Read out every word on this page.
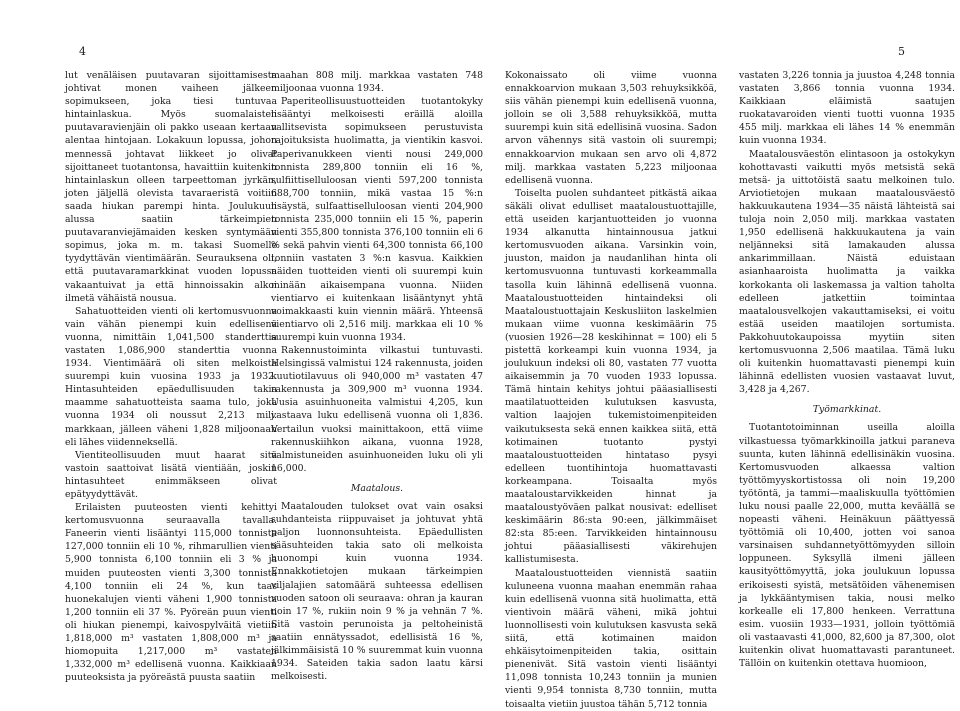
4	5

lut venäläisen puutavaran sijoittamisesta johtivat monen vaiheen jälkeen sopimukseen, joka tiesi tuntuvaa hintainlaskua. Myös suomalaisten puutavaravienjäin oli pakko useaan kertaan alentaa hintojaan. Lokakuun lopussa, johon mennessä johtavat liikkeet jo olivat sijoittaneet tuotantonsa, havaittiin kuitenkin hintainlaskun olleen tarpeettoman jyrkän, joten jäljellä olevista tavaraeristä voitiin saada hiukan parempi hinta. Joulukuun alussa saatiin tärkeimpien puutavaranviejämaiden kesken syntymään sopimus, joka m. m. takasi Suomelle tyydyttävän vientimäärän. Seurauksena oli, että puutavaramarkkinat vuoden lopussa vakaantuivat ja että hinnoissakin alkoi ilmetä vähäistä nousua.

Sahatuotteiden vienti oli kertomusvuonna vain vähän pienempi kuin edellisenä vuonna, nimittäin 1,041,500 standerttia vastaten 1,086,900 standerttia vuonna 1934. Vientimäärä oli siten melkoista suurempi kuin vuosina 1933 ja 1932. Hintasuhteiden epäedullisuuden takia maamme sahatuotteista saama tulo, joka vuonna 1934 oli noussut 2,213 milj. markkaan, jälleen väheni 1,828 miljoonaan eli lähes viidenneksellä.

Vientiteollisuuden muut haarat sitä vastoin saattoivat lisätä vientiään, joskin hintasuhteet enimmäkseen olivat epätyydyttävät.

Erilaisten puuteosten vienti kehittyi kertomusvuonna seuraavalla tavalla. Faneerin vienti lisääntyi 115,000 tonnista 127,000 tonniin eli 10 %, rihmarullien vienti 5,900 tonnista 6,100 tonniin eli 3 % ja muiden puuteosten vienti 3,300 tonnista 4,100 tonniin eli 24 %, kun taas huonekalujen vienti väheni 1,900 tonnista 1,200 tonniin eli 37 %. Pyöreän puun vienti oli hiukan pienempi, kaivospylväitä vietiin 1,818,000 m³ vastaten 1,808,000 m³ ja hiomopuita 1,217,000 m³ vastaten 1,332,000 m³ edellisenä vuonna. Kaikkiaan puuteoksista ja pyöreästä puusta saatiin

maahan 808 milj. markkaa vastaten 748 miljoonaa vuonna 1934.

Paperiteollisuustuotteiden tuotantokyky lisääntyi melkoisesti eräillä aloilla vallitsevista sopimukseen perustuvista rajoituksista huolimatta, ja vientikin kasvoi. Paperivanukkeen vienti nousi 249,000 tonnista 289,800 tonniin eli 16 %, sulfiittiselluloosan vienti 597,200 tonnista 688,700 tonniin, mikä vastaa 15 %:n lisäystä, sulfaattiselluloosan vienti 204,900 tonnista 235,000 tonniin eli 15 %, paperin vienti 355,800 tonnista 376,100 tonniin eli 6 % sekä pahvin vienti 64,300 tonnista 66,100 tonniin vastaten 3 %:n kasvua. Kaikkien näiden tuotteiden vienti oli suurempi kuin minään aikaisempana vuonna. Niiden vientiarvo ei kuitenkaan lisääntynyt yhtä voimakkaasti kuin viennin määrä. Yhteensä vientiarvo oli 2,516 milj. markkaa eli 10 % suurempi kuin vuonna 1934.

Rakennustoiminta vilkastui tuntuvasti. Helsingissä valmistui 124 rakennusta, joiden kuutiotilavuus oli 940,000 m³ vastaten 47 rakennusta ja 309,900 m³ vuonna 1934. Uusia asuinhuoneita valmistui 4,205, kun vastaava luku edellisenä vuonna oli 1,836. Vertailun vuoksi mainittakoon, että viime rakennuskiihkon aikana, vuonna 1928, valmistuneiden asuinhuoneiden luku oli yli 16,000.

Maatalous.

Maatalouden tulokset ovat vain osaksi suhdanteista riippuvaiset ja johtuvat yhtä paljon luonnonsuhteista. Epäedullisten sääsuhteiden takia sato oli melkoista huonompi kuin vuonna 1934. Ennakkotietojen mukaan tärkeimpien viljalajien satomäärä suhteessa edellisen vuoden satoon oli seuraava: ohran ja kauran noin 17 %, rukiin noin 9 % ja vehnän 7 %. Sitä vastoin perunoista ja peltoheinistä saatiin ennätyssadot, edellisistä 16 %, jälkimmäisistä 10 % suuremmat kuin vuonna 1934. Sateiden takia sadon laatu kärsi melkoisesti.

Kokonaissato oli viime vuonna ennakkoarvion mukaan 3,503 rehuyksikköä, siis vähän pienempi kuin edellisenä vuonna, jolloin se oli 3,588 rehuyksikköä, mutta suurempi kuin sitä edellisinä vuosina. Sadon arvon vähennys sitä vastoin oli suurempi; ennakkoarvion mukaan sen arvo oli 4,872 milj. markkaa vastaten 5,223 miljoonaa edellisenä vuonna.

Toiselta puolen suhdanteet pitkästä aikaa säkäli olivat edulliset maataloustuottajille, että useiden karjantuotteiden jo vuonna 1934 alkanutta hintainnousua jatkui kertomusvuoden aikana. Varsinkin voin, juuston, maidon ja naudanlihan hinta oli kertomusvuonna tuntuvasti korkeammalla tasolla kuin lähinnä edellisenä vuonna. Maataloustuotteiden hintaindeksi oli Maataloustuottajain Keskusliiton laskelmien mukaan viime vuonna keskimäärin 75 (vuosien 1926—28 keskihinnat = 100) eli 5 pistettä korkeampi kuin vuonna 1934, ja joulukuun indeksi oli 80, vastaten 77 vuotta aikaisemmin ja 70 vuoden 1933 lopussa. Tämä hintain kehitys johtui pääasiallisesti maatilatuotteiden kulutuksen kasvusta, valtion laajojen tukemistoimenpiteiden vaikutuksesta sekä ennen kaikkea siitä, että kotimainen tuotanto pystyi maataloustuotteiden hintataso pysyi edelleen tuontihintoja huomattavasti korkeampana. Toisaalta myös maataloustarvikkeiden hinnat ja maataloustyöväen palkat nousivat: edelliset keskimäärin 86:sta 90:een, jälkimmäiset 82:sta 85:een. Tarvikkeiden hintainnousu johtui pääasiallisesti väkirehujen kallistumisesta.

Maataloustuotteiden viennistä saatiin kuluneena vuonna maahan enemmän rahaa kuin edellisenä vuonna sitä huolimatta, että vientivoin määrä väheni, mikä johtui luonnollisesti voin kulutuksen kasvusta sekä siitä, että kotimainen maidon ehkäisytoimenpiteiden takia, osittain pienenivät. Sitä vastoin vienti lisääntyi 11,098 tonnista 10,243 tonniin ja munien vienti 9,954 tonnista 8,730 tonniin, mutta toisaalta vietiin juustoa tähän 5,712 tonnia

vastaten 3,226 tonnia ja juustoa 4,248 tonnia vastaten 3,866 tonnia vuonna 1934. Kaikkiaan eläimistä saatujen ruokatavaroiden vienti tuotti vuonna 1935 455 milj. markkaa eli lähes 14 % enemmän kuin vuonna 1934.

Maatalousväestön elintasoon ja ostokykyn kohottavasti vaikutti myös metsistä sekä metsä- ja uittotöistä saatu melkoinen tulo. Arviotietojen mukaan maatalousväestö hakkuukautena 1934—35 näistä lähteistä sai tuloja noin 2,050 milj. markkaa vastaten 1,950 edellisenä hakkuukautena ja vain neljänneksi sitä lamakauden alussa ankarimmillaan. Näistä eduistaan asianhaaroista huolimatta ja vaikka korkokanta oli laskemassa ja valtion taholta edelleen jatkettiin toimintaa maatalousvelkojen vakauttamiseksi, ei voitu estää useiden maatilojen sortumista. Pakkohuutokaupoissa myytiin siten kertomusvuonna 2,506 maatilaa. Tämä luku oli kuitenkin huomattavasti pienempi kuin lähinnä edellisten vuosien vastaavat luvut, 3,428 ja 4,267.

Työmarkkinat.

Tuotantotoiminnan useilla aloilla vilkastuessa työmarkkinoilla jatkui paraneva suunta, kuten lähinnä edellisinäkin vuosina. Kertomusvuoden alkaessa valtion työttömyyskortistossa oli noin 19,200 työtöntä, ja tammi—maaliskuulla työttömien luku nousi paalle 22,000, mutta keväällä se nopeasti väheni. Heinäkuun päättyessä työttömiä oli 10,400, jotten voi sanoa varsinaisen suhdannetyöttömyyden silloin loppuneen. Syksyllä ilmeni jälleen kausityöttömyyttä, joka joulukuun lopussa erikoisesti syistä, metsätöiden vähenemisen ja lykkääntymisen takia, nousi melko korkealle eli 17,800 henkeen. Verrattuna esim. vuosiin 1933—1931, jolloin työttömiä oli vastaavasti 41,000, 82,600 ja 87,300, olot kuitenkin olivat huomattavasti parantuneet. Tällöin on kuitenkin otettava huomioon,
